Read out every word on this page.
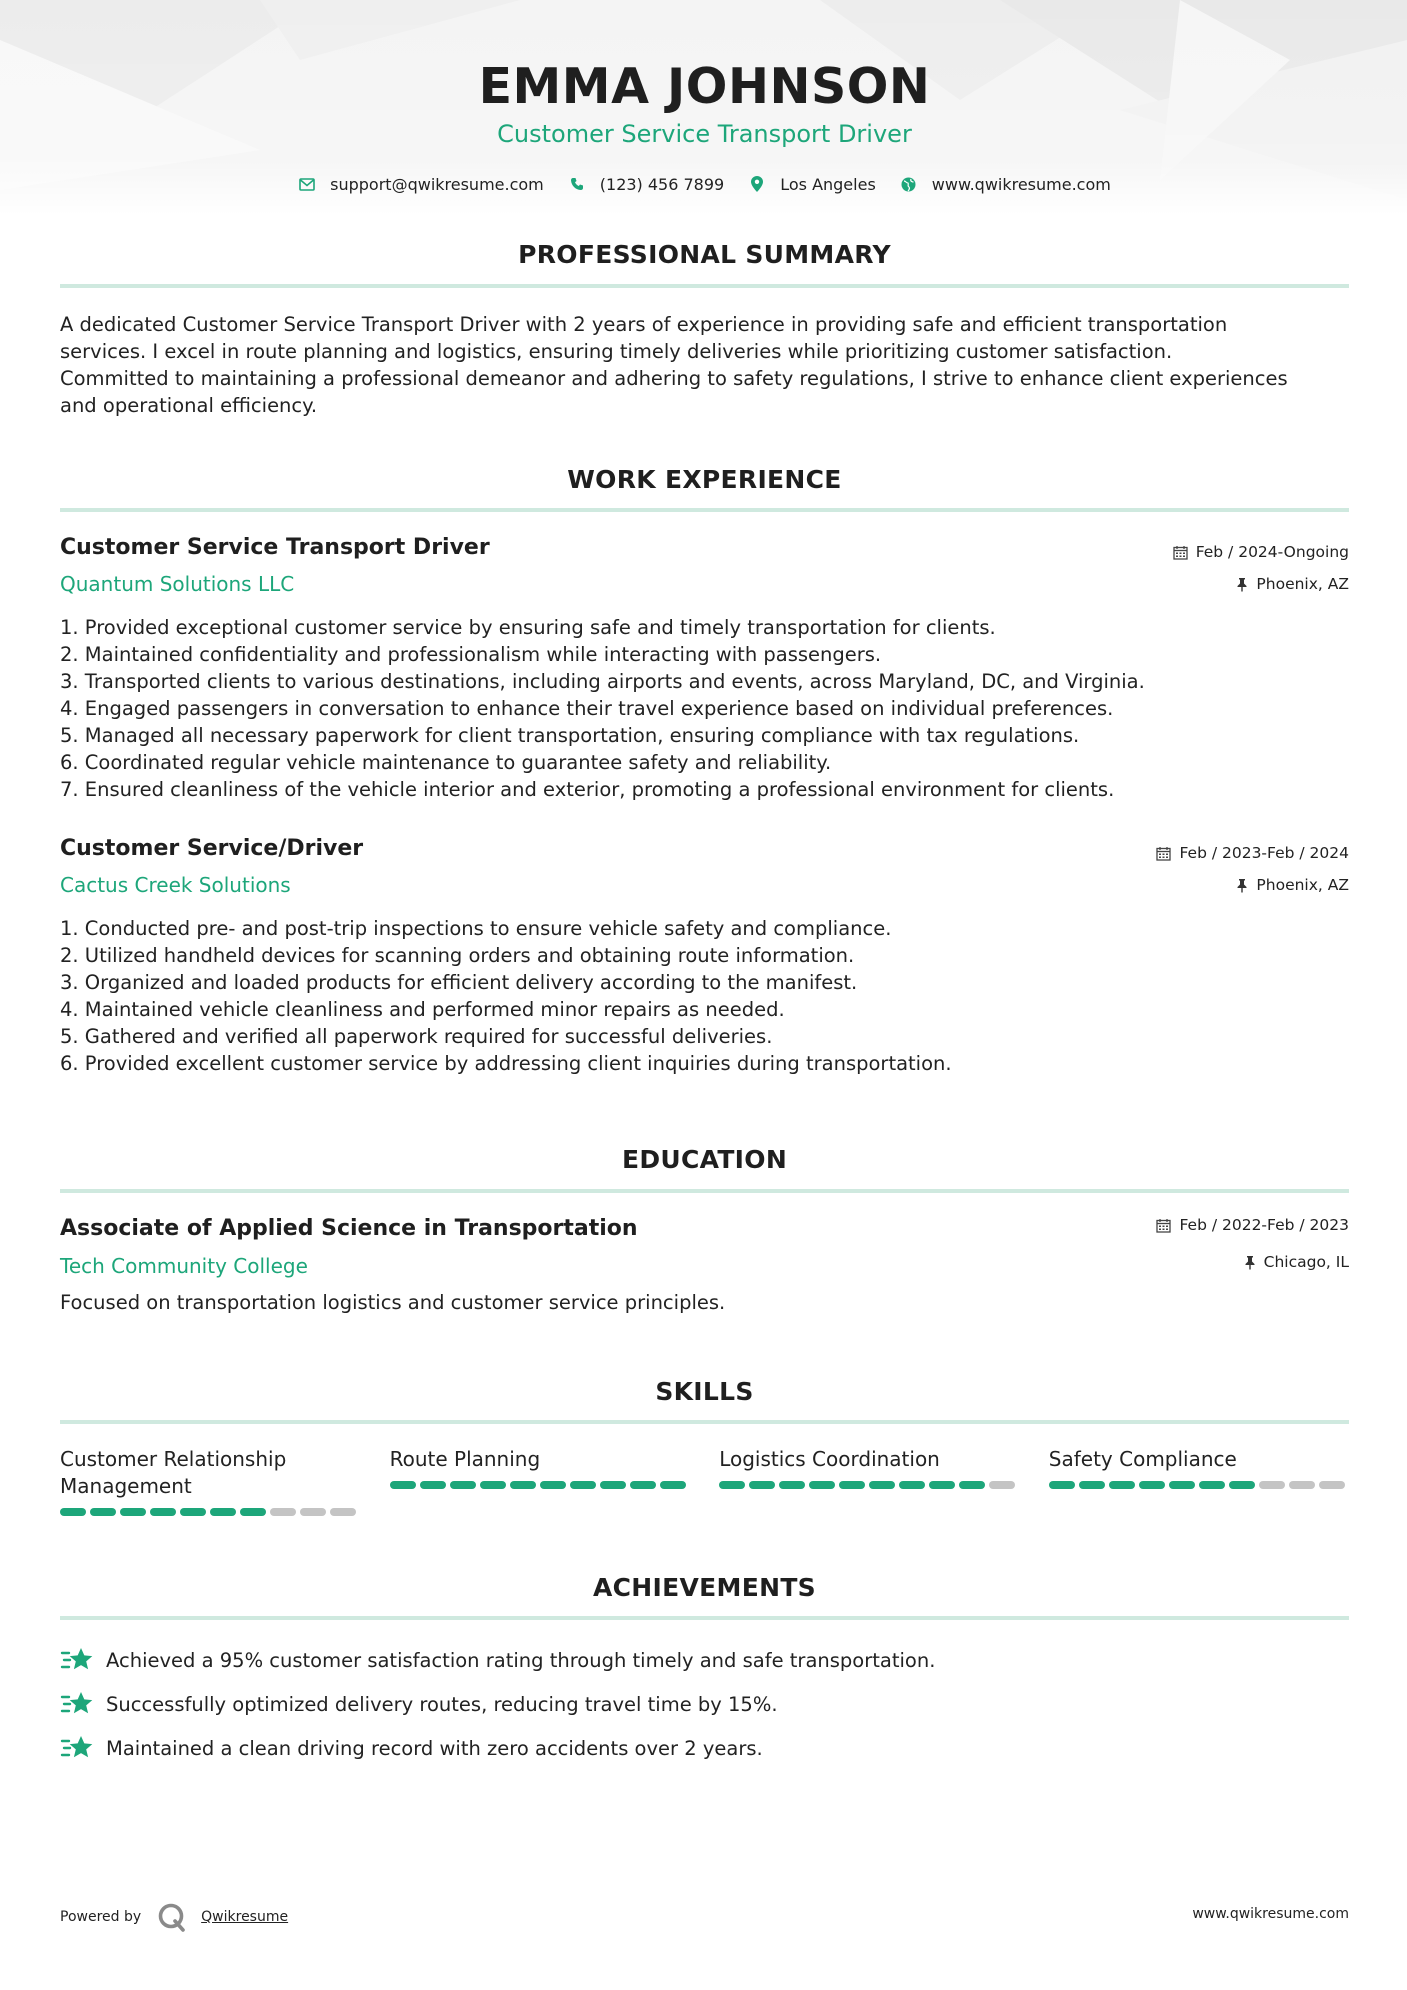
EMMA JOHNSON
Customer Service Transport Driver
support@qwikresume.com	(123) 456 7899	Los Angeles	www.qwikresume.com
PROFESSIONAL SUMMARY
A dedicated Customer Service Transport Driver with 2 years of experience in providing safe and efficient transportation
services. I excel in route planning and logistics, ensuring timely deliveries while prioritizing customer satisfaction.
Committed to maintaining a professional demeanor and adhering to safety regulations, I strive to enhance client experiences
and operational efficiency.
WORK EXPERIENCE
Customer Service Transport Driver	Feb / 2024-Ongoing
Quantum Solutions LLC	Phoenix, AZ
1. Provided exceptional customer service by ensuring safe and timely transportation for clients.
2. Maintained confidentiality and professionalism while interacting with passengers.
3. Transported clients to various destinations, including airports and events, across Maryland, DC, and Virginia.
4. Engaged passengers in conversation to enhance their travel experience based on individual preferences.
5. Managed all necessary paperwork for client transportation, ensuring compliance with tax regulations.
6. Coordinated regular vehicle maintenance to guarantee safety and reliability.
7. Ensured cleanliness of the vehicle interior and exterior, promoting a professional environment for clients.
Customer Service/Driver	Feb / 2023-Feb / 2024
Cactus Creek Solutions	Phoenix, AZ
1. Conducted pre- and post-trip inspections to ensure vehicle safety and compliance.
2. Utilized handheld devices for scanning orders and obtaining route information.
3. Organized and loaded products for efficient delivery according to the manifest.
4. Maintained vehicle cleanliness and performed minor repairs as needed.
5. Gathered and verified all paperwork required for successful deliveries.
6. Provided excellent customer service by addressing client inquiries during transportation.
EDUCATION
Associate of Applied Science in Transportation	Feb / 2022-Feb / 2023
Tech Community College	Chicago, IL
Focused on transportation logistics and customer service principles.
SKILLS
Customer Relationship Management
Route Planning	Logistics Coordination	Safety Compliance
ACHIEVEMENTS
Achieved a 95% customer satisfaction rating through timely and safe transportation.
Successfully optimized delivery routes, reducing travel time by 15%.
Maintained a clean driving record with zero accidents over 2 years.
Powered by	Qwikresume	www.qwikresume.com
